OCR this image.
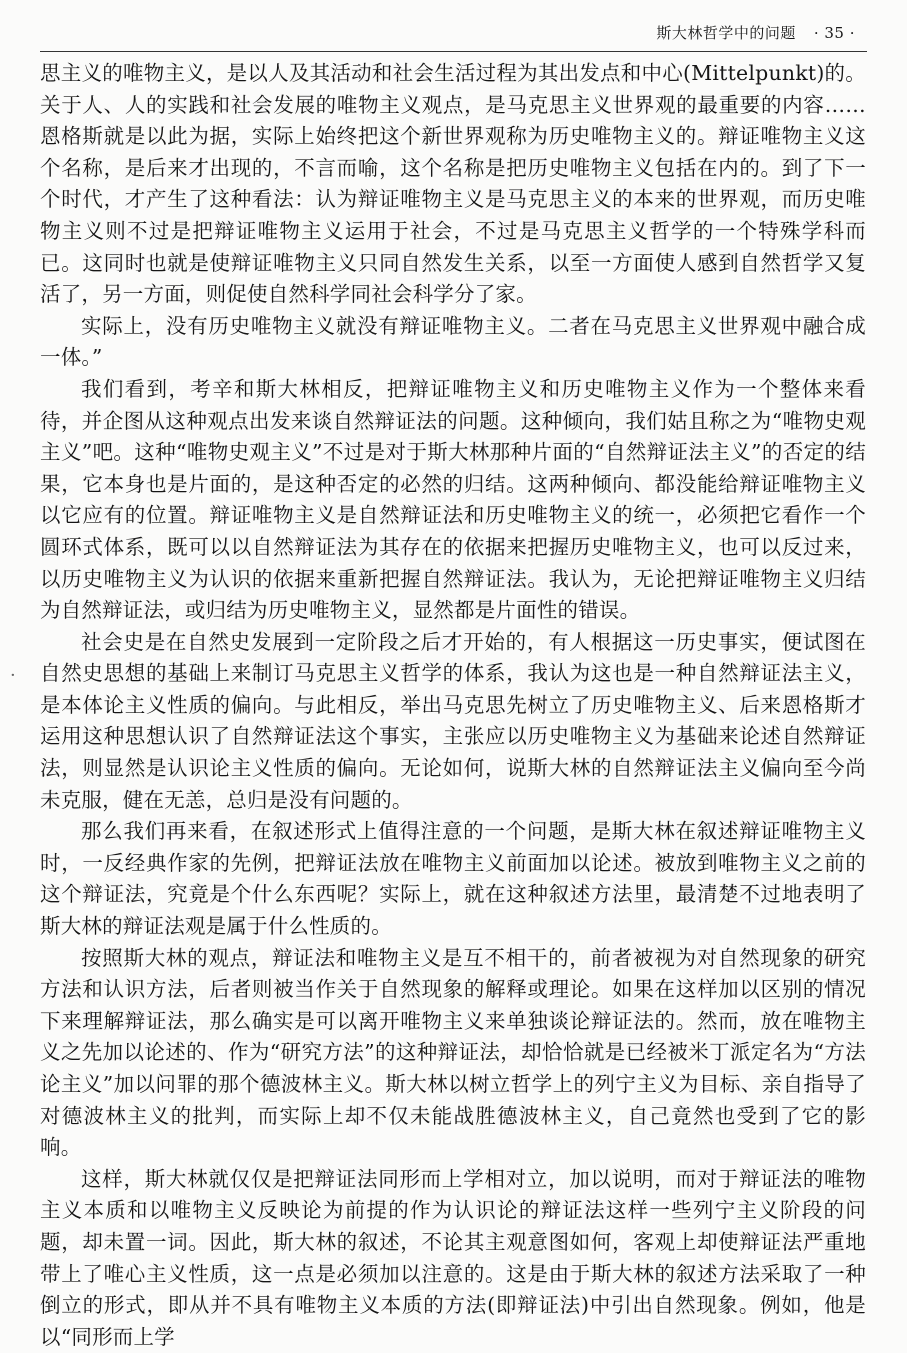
斯大林哲学中的问题 · 35 ·
·

思主义的唯物主义，是以人及其活动和社会生活过程为其出发点和中心(Mittelpunkt)的。关于人、人的实践和社会发展的唯物主义观点，是马克思主义世界观的最重要的内容……恩格斯就是以此为据，实际上始终把这个新世界观称为历史唯物主义的。辩证唯物主义这个名称，是后来才出现的，不言而喻，这个名称是把历史唯物主义包括在内的。到了下一个时代，才产生了这种看法：认为辩证唯物主义是马克思主义的本来的世界观，而历史唯物主义则不过是把辩证唯物主义运用于社会，不过是马克思主义哲学的一个特殊学科而已。这同时也就是使辩证唯物主义只同自然发生关系，以至一方面使人感到自然哲学又复活了，另一方面，则促使自然科学同社会科学分了家。

实际上，没有历史唯物主义就没有辩证唯物主义。二者在马克思主义世界观中融合成一体。”

我们看到，考辛和斯大林相反，把辩证唯物主义和历史唯物主义作为一个整体来看待，并企图从这种观点出发来谈自然辩证法的问题。这种倾向，我们姑且称之为“唯物史观主义”吧。这种“唯物史观主义”不过是对于斯大林那种片面的“自然辩证法主义”的否定的结果，它本身也是片面的，是这种否定的必然的归结。这两种倾向、都没能给辩证唯物主义以它应有的位置。辩证唯物主义是自然辩证法和历史唯物主义的统一，必须把它看作一个圆环式体系，既可以以自然辩证法为其存在的依据来把握历史唯物主义，也可以反过来，以历史唯物主义为认识的依据来重新把握自然辩证法。我认为，无论把辩证唯物主义归结为自然辩证法，或归结为历史唯物主义，显然都是片面性的错误。

社会史是在自然史发展到一定阶段之后才开始的，有人根据这一历史事实，便试图在自然史思想的基础上来制订马克思主义哲学的体系，我认为这也是一种自然辩证法主义，是本体论主义性质的偏向。与此相反，举出马克思先树立了历史唯物主义、后来恩格斯才运用这种思想认识了自然辩证法这个事实，主张应以历史唯物主义为基础来论述自然辩证法，则显然是认识论主义性质的偏向。无论如何，说斯大林的自然辩证法主义偏向至今尚未克服，健在无恙，总归是没有问题的。

那么我们再来看，在叙述形式上值得注意的一个问题，是斯大林在叙述辩证唯物主义时，一反经典作家的先例，把辩证法放在唯物主义前面加以论述。被放到唯物主义之前的这个辩证法，究竟是个什么东西呢？实际上，就在这种叙述方法里，最清楚不过地表明了斯大林的辩证法观是属于什么性质的。

按照斯大林的观点，辩证法和唯物主义是互不相干的，前者被视为对自然现象的研究方法和认识方法，后者则被当作关于自然现象的解释或理论。如果在这样加以区别的情况下来理解辩证法，那么确实是可以离开唯物主义来单独谈论辩证法的。然而，放在唯物主义之先加以论述的、作为“研究方法”的这种辩证法，却恰恰就是已经被米丁派定名为“方法论主义”加以问罪的那个德波林主义。斯大林以树立哲学上的列宁主义为目标、亲自指导了对德波林主义的批判，而实际上却不仅未能战胜德波林主义，自己竟然也受到了它的影响。

这样，斯大林就仅仅是把辩证法同形而上学相对立，加以说明，而对于辩证法的唯物主义本质和以唯物主义反映论为前提的作为认识论的辩证法这样一些列宁主义阶段的问题，却未置一词。因此，斯大林的叙述，不论其主观意图如何，客观上却使辩证法严重地带上了唯心主义性质，这一点是必须加以注意的。这是由于斯大林的叙述方法采取了一种倒立的形式，即从并不具有唯物主义本质的方法(即辩证法)中引出自然现象。例如，他是以“同形而上学
